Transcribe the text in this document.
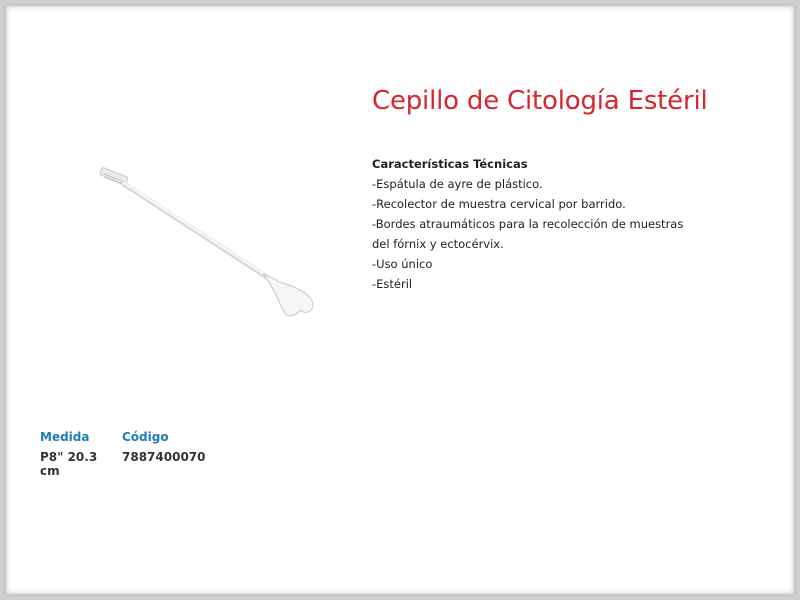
Cepillo de Citología Estéril
Características Técnicas
-Espátula de ayre de plástico.
-Recolector de muestra cervical por barrido.
-Bordes atraumáticos para la recolección de muestras
del fórnix y ectocérvix.
-Uso único
-Estéril
Medida	Código
P8" 20.3 cm
7887400070
